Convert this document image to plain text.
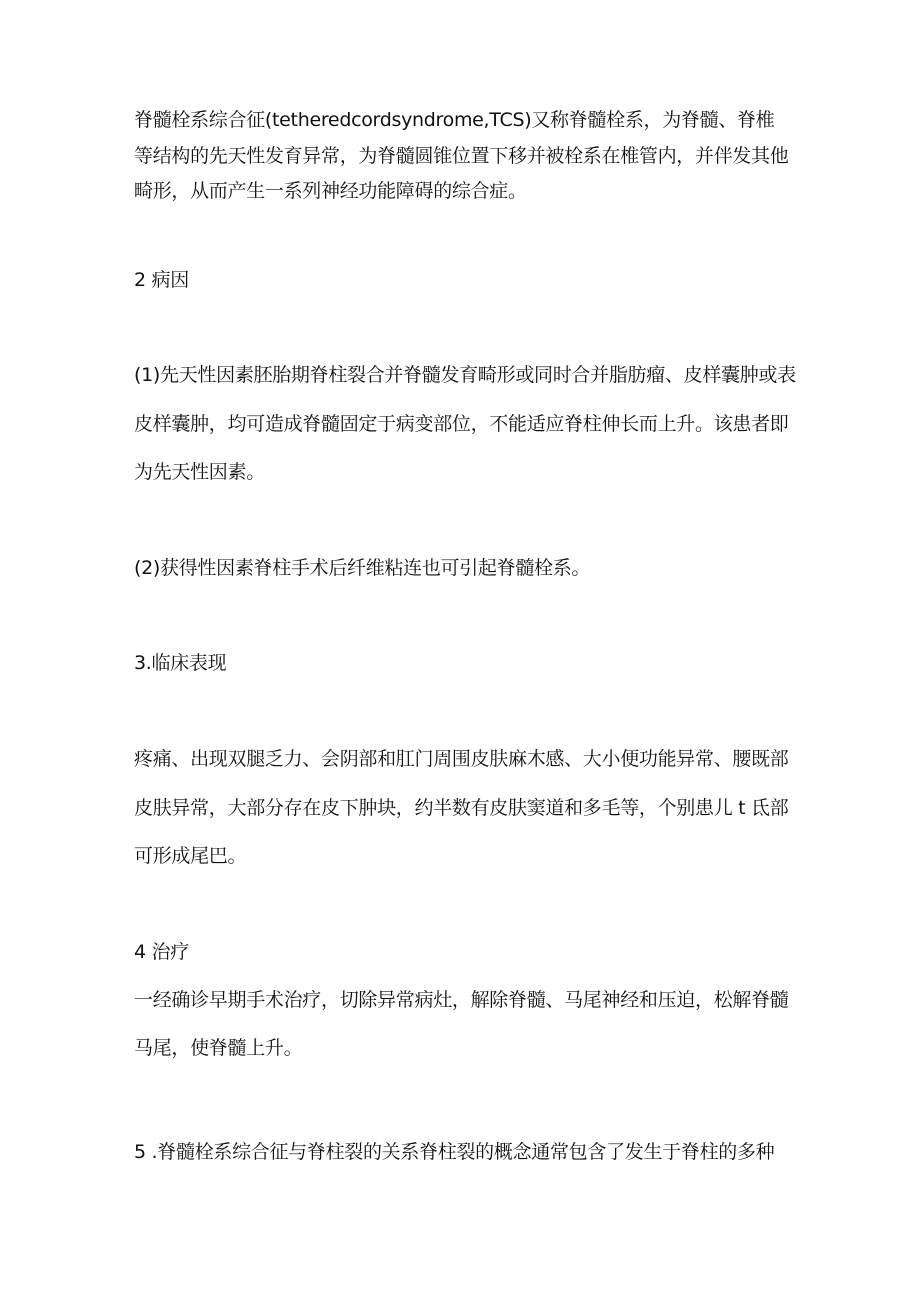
脊髓栓系综合征(tetheredcordsyndrome,TCS)又称脊髓栓系，为脊髓、脊椎
等结构的先天性发育异常，为脊髓圆锥位置下移并被栓系在椎管内，并伴发其他
畸形，从而产生一系列神经功能障碍的综合症。
2 病因
(1)先天性因素胚胎期脊柱裂合并脊髓发育畸形或同时合并脂肪瘤、皮样囊肿或表
皮样囊肿，均可造成脊髓固定于病变部位，不能适应脊柱伸长而上升。该患者即
为先天性因素。
(2)获得性因素脊柱手术后纤维粘连也可引起脊髓栓系。
3.临床表现
疼痛、出现双腿乏力、会阴部和肛门周围皮肤麻木感、大小便功能异常、腰既部
皮肤异常，大部分存在皮下肿块，约半数有皮肤窦道和多毛等，个别患儿 t 氐部
可形成尾巴。
4 治疗
一经确诊早期手术治疗，切除异常病灶，解除脊髓、马尾神经和压迫，松解脊髓
马尾，使脊髓上升。
5 .脊髓栓系综合征与脊柱裂的关系脊柱裂的概念通常包含了发生于脊柱的多种
